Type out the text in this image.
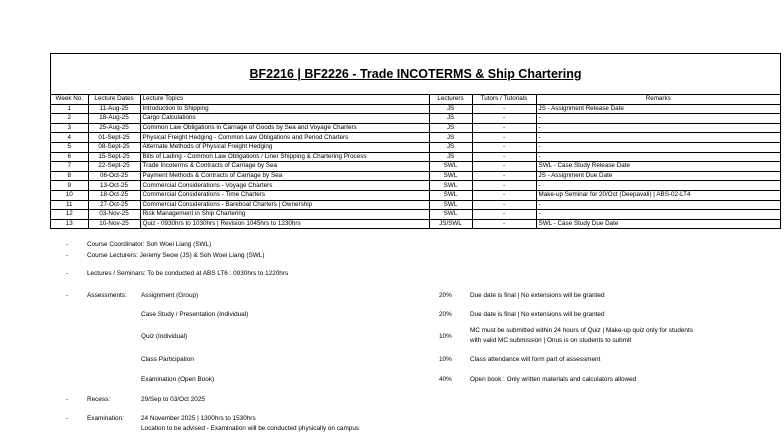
BF2216 | BF2226 - Trade INCOTERMS & Ship Chartering
Week No.	Lecture Dates	Lecture Topics	Lecturers	Tutors / Tutorials	Remarks
1	11-Aug-25	Introduction to Shipping	JS	-	JS - Assignment Release Date
2	18-Aug-25	Cargo Calculations	JS	-	-
3	25-Aug-25	Common Law Obligations in Carriage of Goods by Sea and Voyage Charters	JS	-	-
4	01-Sept-25	Physical Freight Hedging - Common Law Obligations and Period Charters	JS	-	-
5	08-Sept-25	Alternate Methods of Physical Freight Hedging	JS	-	-
6	15-Sept-25	Bills of Lading - Common Law Obligations / Liner Shipping & Chartering Process	JS	-	-
7	22-Sept-25	Trade Incoterms & Contracts of Carriage by Sea	SWL	-	SWL - Case Study Release Date
8	06-Oct-25	Payment Methods & Contracts of Carriage by Sea	SWL	-	JS - Assignment Due Date
9	13-Oct-25	Commercial Considerations - Voyage Charters	SWL	-	-
10	18-Oct-25	Commercial Considerations - Time Charters	SWL	-	Make-up Seminar for 20/Oct (Deepavali) | ABS-02-LT4
11	27-Oct-25	Commercial Considerations - Bareboat Charters | Ownership	SWL	-	-
12	03-Nov-25	Risk Management in Ship Chartering	SWL	-	-
13	10-Nov-25	Quiz - 0930hrs to 1030hrs | Revision 1045hrs to 1230hrs	JS/SWL	-	SWL - Case Study Due Date
-	Course Coordinator: Soh Woei Liang (SWL)
-	Course Lecturers: Jeremy Seow (JS) & Soh Woei Liang (SWL)
-	Lectures / Seminars: To be conducted at ABS LT6 : 0930hrs to 1220hrs
-	Assessments: Assignment (Group)	20%	Due date is final | No extensions will be granted
Case Study / Presentation (Individual)	20%	Due date is final | No extensions will be granted
Quiz (Individual)	10%
MC must be submitted within 24 hours of Quiz | Make-up quiz only for students
with valid MC submission | Onus is on students to submit
Class Participation	10%	Class attendance will form part of assessment
Examination (Open Book)	40%	Open book : Only written materials and calculators allowed
-	Recess:	29/Sep to 03/Oct 2025
-	Examination:	24 November 2025 | 1300hrs to 1530hrs
Location to be advised - Examination will be conducted physically on campus
